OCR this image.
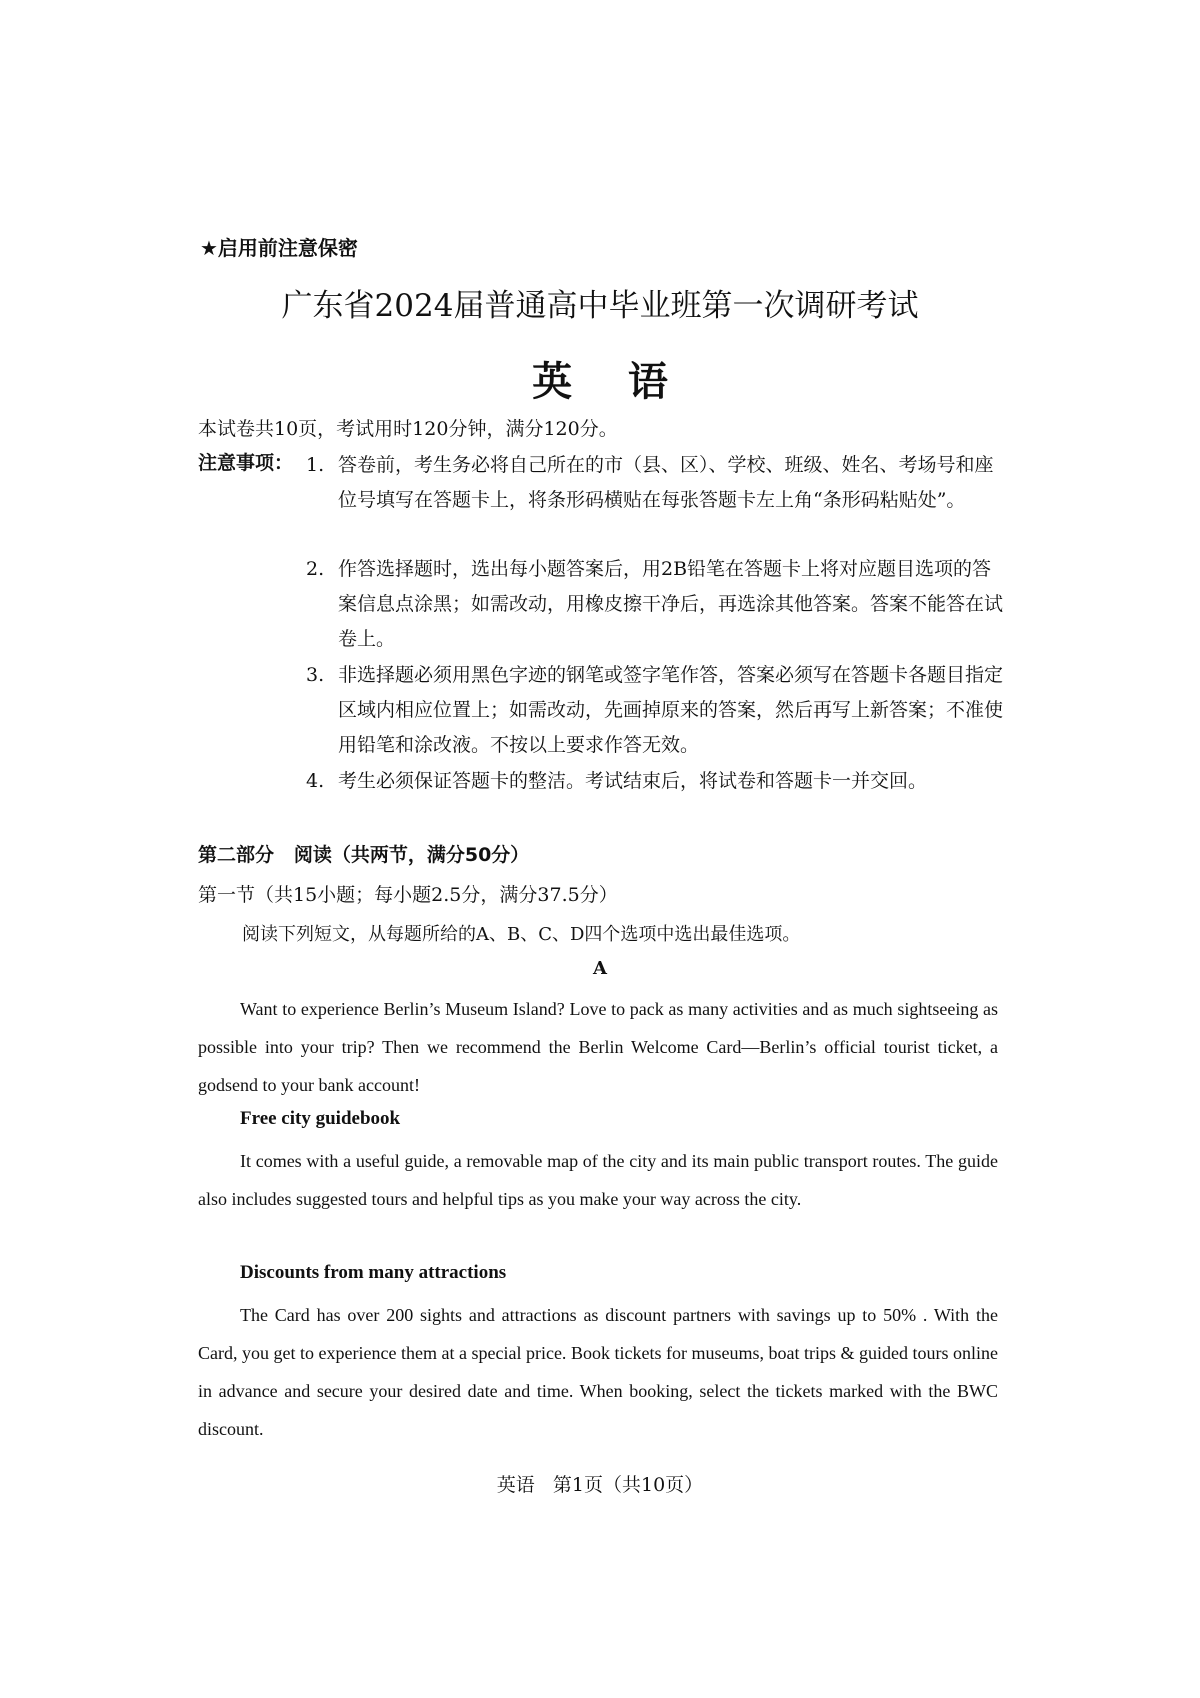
★启用前注意保密
广东省2024届普通高中毕业班第一次调研考试
英    语
本试卷共10页，考试用时120分钟，满分120分。
注意事项： 1. 答卷前，考生务必将自己所在的市（县、区）、学校、班级、姓名、考场号和座位号填写在答题卡上，将条形码横贴在每张答题卡左上角“条形码粘贴处”。
2. 作答选择题时，选出每小题答案后，用2B铅笔在答题卡上将对应题目选项的答案信息点涂黑；如需改动，用橡皮擦干净后，再选涂其他答案。答案不能答在试卷上。
3. 非选择题必须用黑色字迹的钢笔或签字笔作答，答案必须写在答题卡各题目指定区域内相应位置上；如需改动，先画掉原来的答案，然后再写上新答案；不准使用铅笔和涂改液。不按以上要求作答无效。
4. 考生必须保证答题卡的整洁。考试结束后，将试卷和答题卡一并交回。
第二部分   阅读（共两节，满分50分）
第一节（共15小题；每小题2.5分，满分37.5分）
阅读下列短文，从每题所给的A、B、C、D四个选项中选出最佳选项。
A
Want to experience Berlin’s Museum Island? Love to pack as many activities and as much sightseeing as possible into your trip? Then we recommend the Berlin Welcome Card—Berlin’s official tourist ticket, a godsend to your bank account!
Free city guidebook
It comes with a useful guide, a removable map of the city and its main public transport routes. The guide also includes suggested tours and helpful tips as you make your way across the city.
Discounts from many attractions
The Card has over 200 sights and attractions as discount partners with savings up to 50% . With the Card, you get to experience them at a special price. Book tickets for museums, boat trips & guided tours online in advance and secure your desired date and time. When booking, select the tickets marked with the BWC discount.
英语   第1页（共10页）
